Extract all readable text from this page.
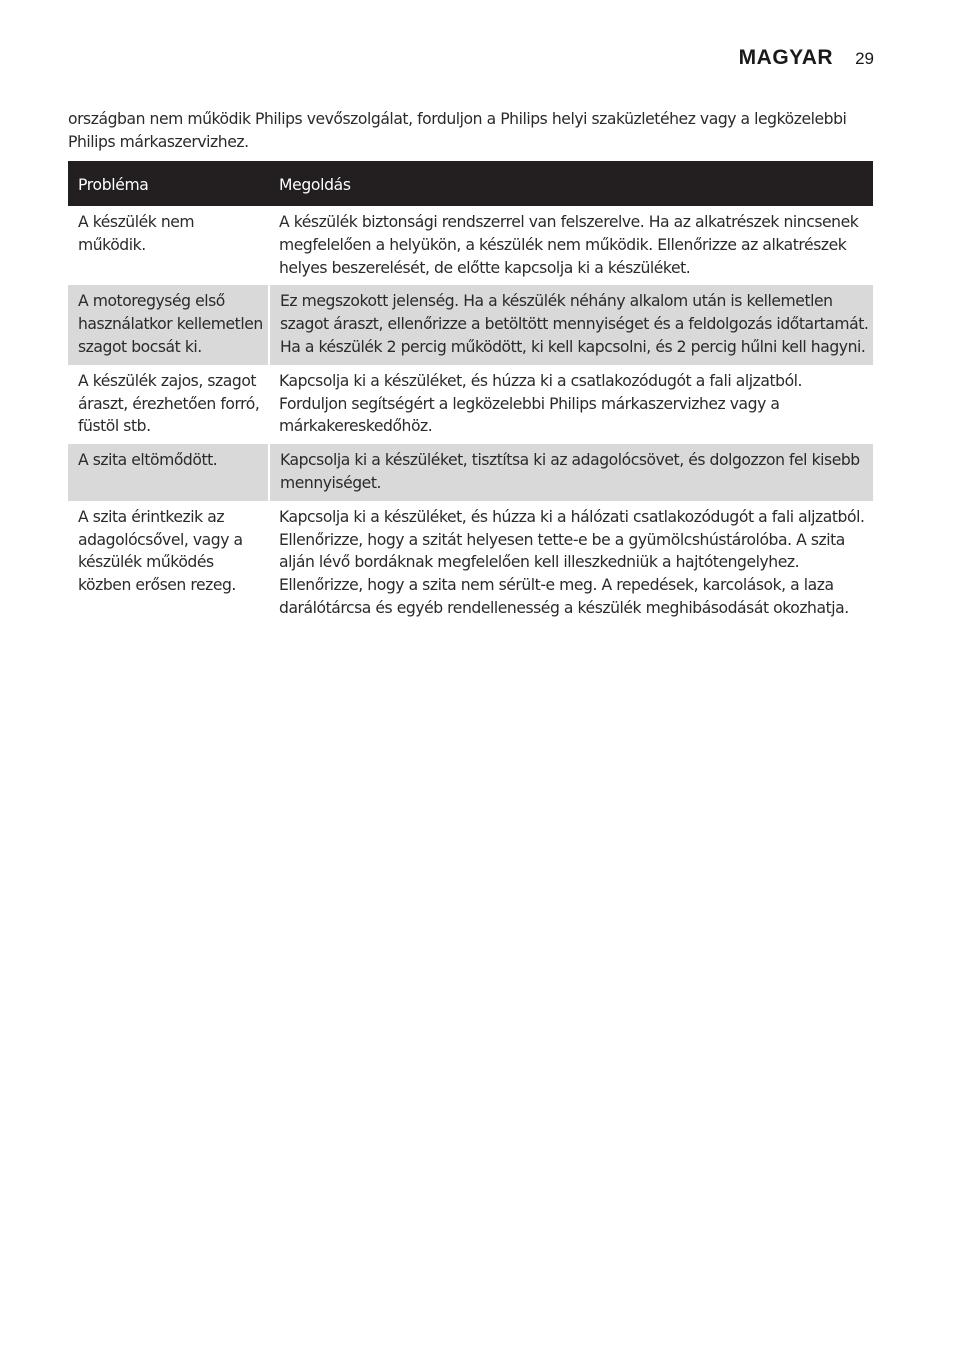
MAGYAR 29

országban nem működik Philips vevőszolgálat, forduljon a Philips helyi szaküzletéhez vagy a legközelebbi Philips márkaszervizhez.

Probléma	Megoldás
A készülék nem működik.	A készülék biztonsági rendszerrel van felszerelve. Ha az alkatrészek nincsenek megfelelően a helyükön, a készülék nem működik. Ellenőrizze az alkatrészek helyes beszerelését, de előtte kapcsolja ki a készüléket.
A motoregység első használatkor kellemetlen szagot bocsát ki.	Ez megszokott jelenség. Ha a készülék néhány alkalom után is kellemetlen szagot áraszt, ellenőrizze a betöltött mennyiséget és a feldolgozás időtartamát. Ha a készülék 2 percig működött, ki kell kapcsolni, és 2 percig hűlni kell hagyni.
A készülék zajos, szagot áraszt, érezhetően forró, füstöl stb.	Kapcsolja ki a készüléket, és húzza ki a csatlakozódugót a fali aljzatból. Forduljon segítségért a legközelebbi Philips márkaszervizhez vagy a márkakereskedőhöz.
A szita eltömődött.	Kapcsolja ki a készüléket, tisztítsa ki az adagolócsövet, és dolgozzon fel kisebb mennyiséget.
A szita érintkezik az adagolócsővel, vagy a készülék működés közben erősen rezeg.	Kapcsolja ki a készüléket, és húzza ki a hálózati csatlakozódugót a fali aljzatból. Ellenőrizze, hogy a szitát helyesen tette-e be a gyümölcshústárolóba. A szita alján lévő bordáknak megfelelően kell illeszkedniük a hajtótengelyhez. Ellenőrizze, hogy a szita nem sérült-e meg. A repedések, karcolások, a laza darálótárcsa és egyéb rendellenesség a készülék meghibásodását okozhatja.
